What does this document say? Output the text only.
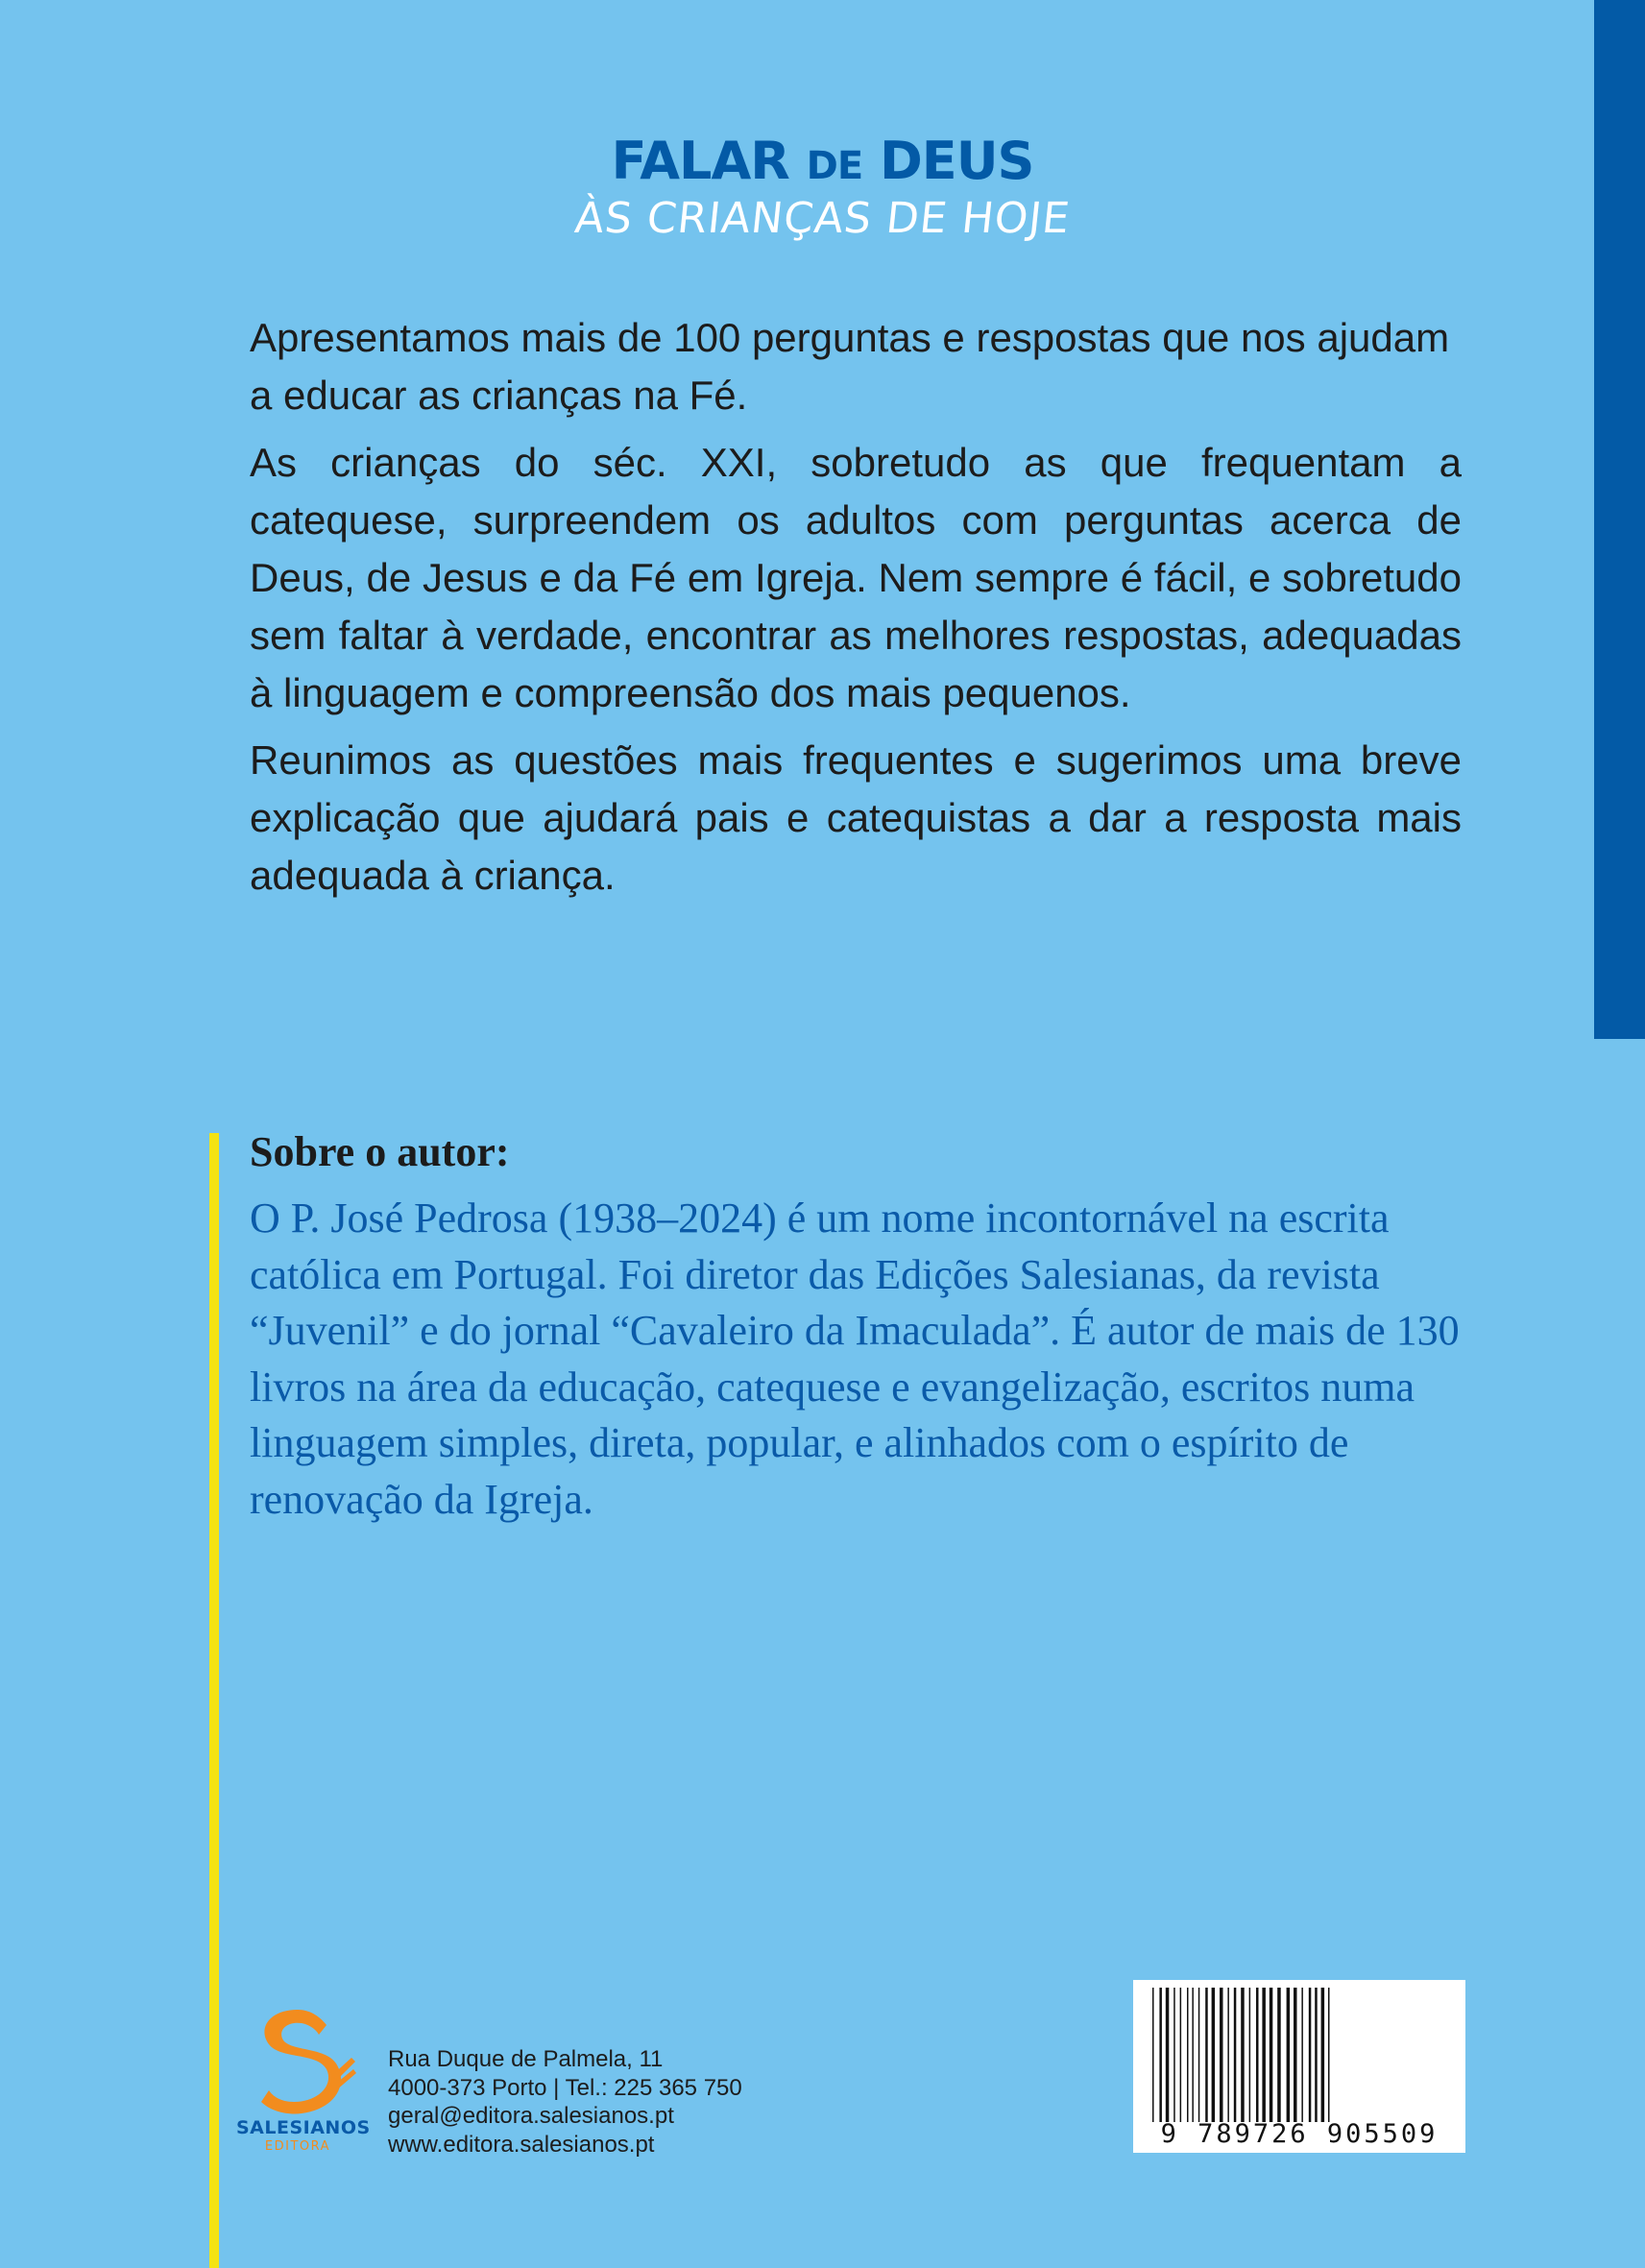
FALAR DE DEUS
ÀS CRIANÇAS DE HOJE

Apresentamos mais de 100 perguntas e respostas que nos ajudam a educar as crianças na Fé.

As crianças do séc. XXI, sobretudo as que frequentam a catequese, surpreendem os adultos com perguntas acerca de Deus, de Jesus e da Fé em Igreja. Nem sempre é fácil, e sobretudo sem faltar à verdade, encontrar as melhores respostas, adequadas à linguagem e compreensão dos mais pequenos.

Reunimos as questões mais frequentes e sugerimos uma breve explicação que ajudará pais e catequistas a dar a resposta mais adequada à criança.

Sobre o autor:
O P. José Pedrosa (1938–2024) é um nome incontornável na escrita católica em Portugal. Foi diretor das Edições Salesianas, da revista “Juvenil” e do jornal “Cavaleiro da Imaculada”. É autor de mais de 130 livros na área da educação, catequese e evangelização, escritos numa linguagem simples, direta, popular, e alinhados com o espírito de renovação da Igreja.
SALESIANOS
EDITORA
Rua Duque de Palmela, 11
4000-373 Porto | Tel.: 225 365 750
geral@editora.salesianos.pt
www.editora.salesianos.pt	9 789726 905509
